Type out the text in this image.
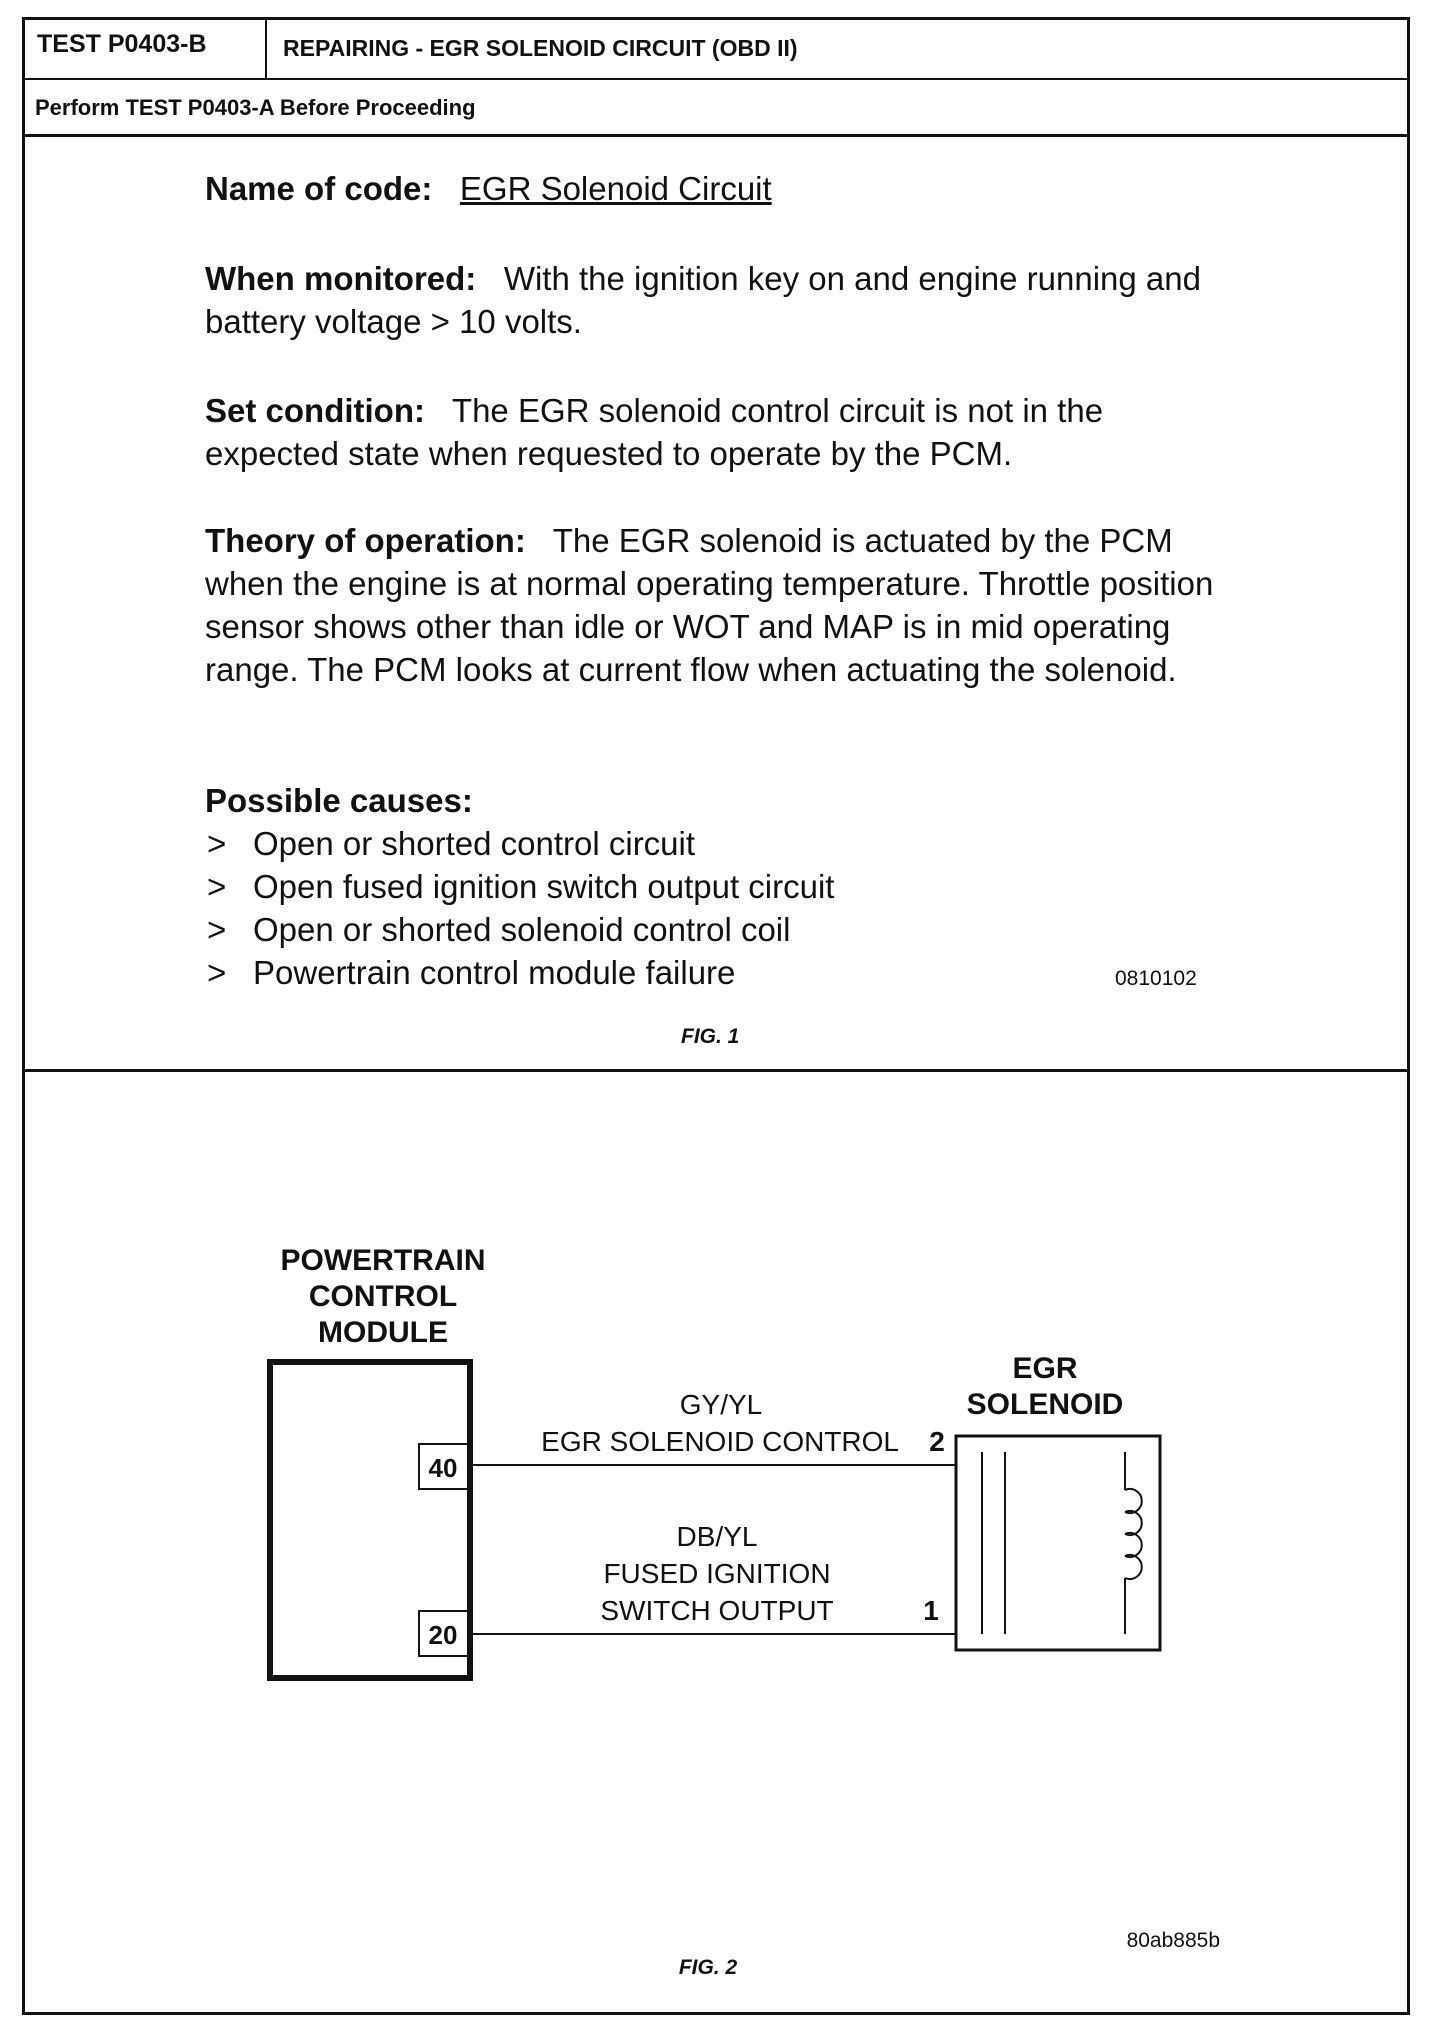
TEST P0403-B	REPAIRING - EGR SOLENOID CIRCUIT (OBD II)
Perform TEST P0403-A Before Proceeding
Name of code: EGR Solenoid Circuit
When monitored: With the ignition key on and engine running and battery voltage > 10 volts.
Set condition: The EGR solenoid control circuit is not in the expected state when requested to operate by the PCM.
Theory of operation: The EGR solenoid is actuated by the PCM when the engine is at normal operating temperature. Throttle position sensor shows other than idle or WOT and MAP is in mid operating range. The PCM looks at current flow when actuating the solenoid.
Possible causes:
> Open or shorted control circuit
> Open fused ignition switch output circuit
> Open or shorted solenoid control coil
> Powertrain control module failure	0810102
FIG. 1
POWERTRAIN
CONTROL
MODULE
40
20
GY/YL
EGR SOLENOID CONTROL 2
DB/YL
FUSED IGNITION
SWITCH OUTPUT	1
EGR
SOLENOID
80ab885b
FIG. 2
